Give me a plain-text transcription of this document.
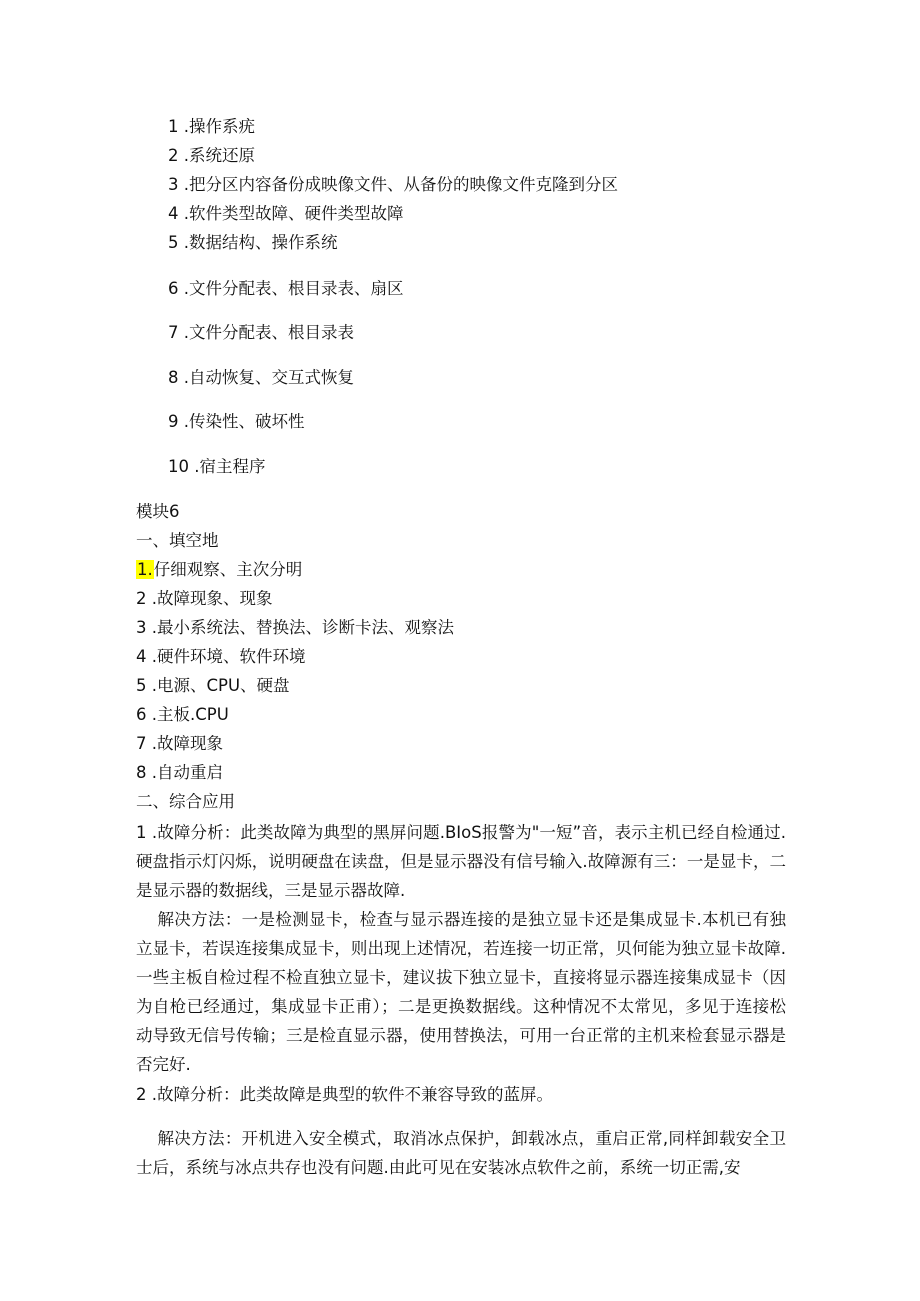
1 .操作系疣
2 .系统还原
3 .把分区内容备份成映像文件、从备份的映像文件克隆到分区
4 .软件类型故障、硬件类型故障
5 .数据结构、操作系统
6 .文件分配表、根目录表、扇区
7 .文件分配表、根目录表
8 .自动恢复、交互式恢复
9 .传染性、破坏性
10 .宿主程序
模块6
一、填空地
1.仔细观察、主次分明
2 .故障现象、现象
3 .最小系统法、替换法、诊断卡法、观察法
4 .硬件环境、软件环境
5 .电源、CPU、硬盘
6 .主板.CPU
7 .故障现象
8 .自动重启
二、综合应用
1 .故障分析：此类故障为典型的黑屏问题.BIoS报警为"一短”音，表示主机已经自检通过.硬盘指示灯闪烁，说明硬盘在读盘，但是显示器没有信号输入.故障源有三：一是显卡，二是显示器的数据线，三是显示器故障.
解决方法：一是检测显卡，检查与显示器连接的是独立显卡还是集成显卡.本机已有独立显卡，若误连接集成显卡，则出现上述情况，若连接一切正常，贝何能为独立显卡故障.一些主板自检过程不检直独立显卡，建议拔下独立显卡，直接将显示器连接集成显卡（因为自枪已经通过，集成显卡正甫）；二是更换数据线。这种情况不太常见，多见于连接松动导致无信号传输；三是检直显示器，使用替换法，可用一台正常的主机来检套显示器是否完好.
2 .故障分析：此类故障是典型的软件不兼容导致的蓝屏。
解决方法：开机进入安全模式，取消冰点保护，卸载冰点，重启正常,同样卸载安全卫士后，系统与冰点共存也没有问题.由此可见在安装冰点软件之前，系统一切正需,安
